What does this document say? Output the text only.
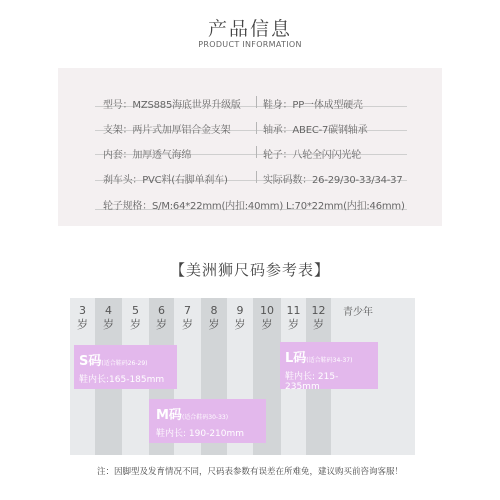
产品信息
PRODUCT INFORMATION
型号：MZS885海底世界升级版 鞋身：PP一体成型硬壳
支架：两片式加厚铝合金支架	轴承：ABEC-7碳钢轴承
内套：加厚透气海绵	轮子：八轮全闪闪光轮
刹车头：PVC料(右脚单刹车)	实际码数：26-29/30-33/34-37
轮子规格：S/M:64*22mm(内扣:40mm) L:70*22mm(内扣:46mm)
【美洲狮尺码参考表】
3
岁
4
岁
5
岁
6
岁
7
岁
8
岁
9
岁
10
岁
11
岁
12
岁
青少年
S码(适合鞋码26-29)
鞋内长:165-185mm
L码(适合鞋码34-37)
鞋内长: 215-235mm
M码(适合鞋码30-33)
鞋内长: 190-210mm
注：因脚型及发育情况不同，尺码表参数有误差在所难免，建议购买前咨询客服！
